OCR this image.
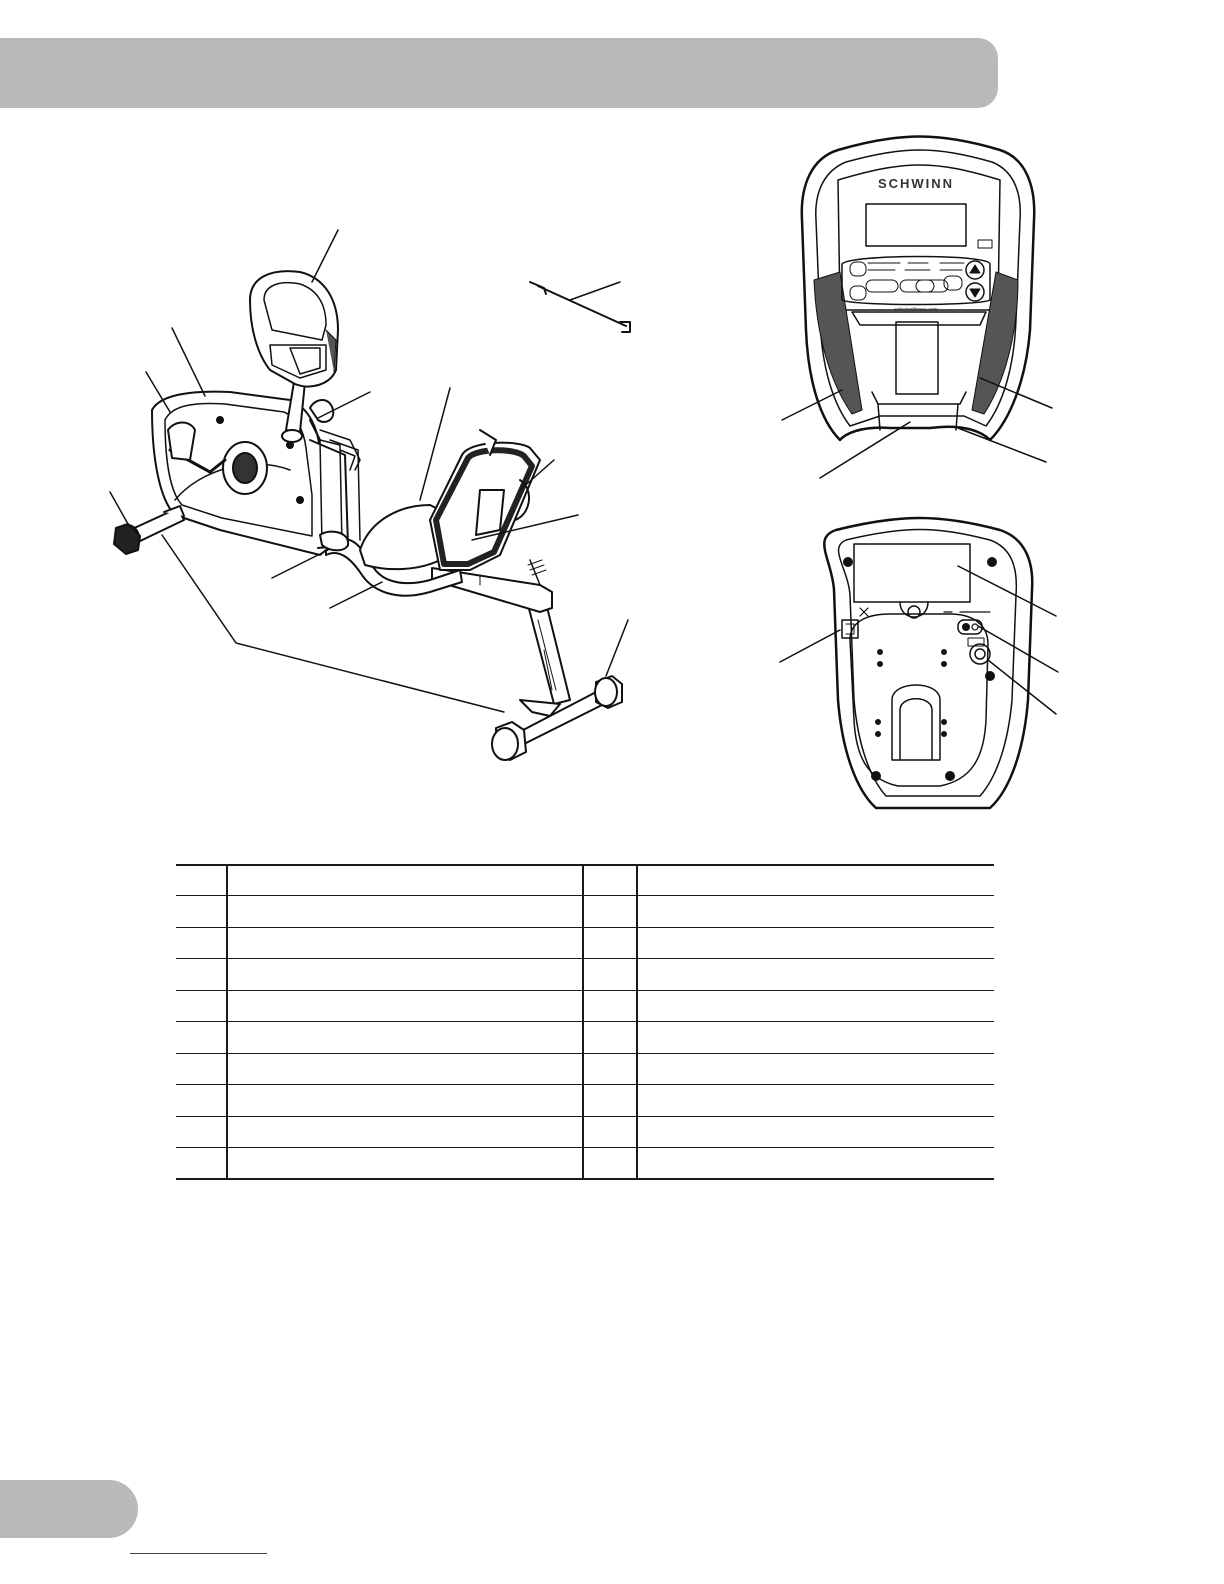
SCHWINN
schwinnfitness.com
